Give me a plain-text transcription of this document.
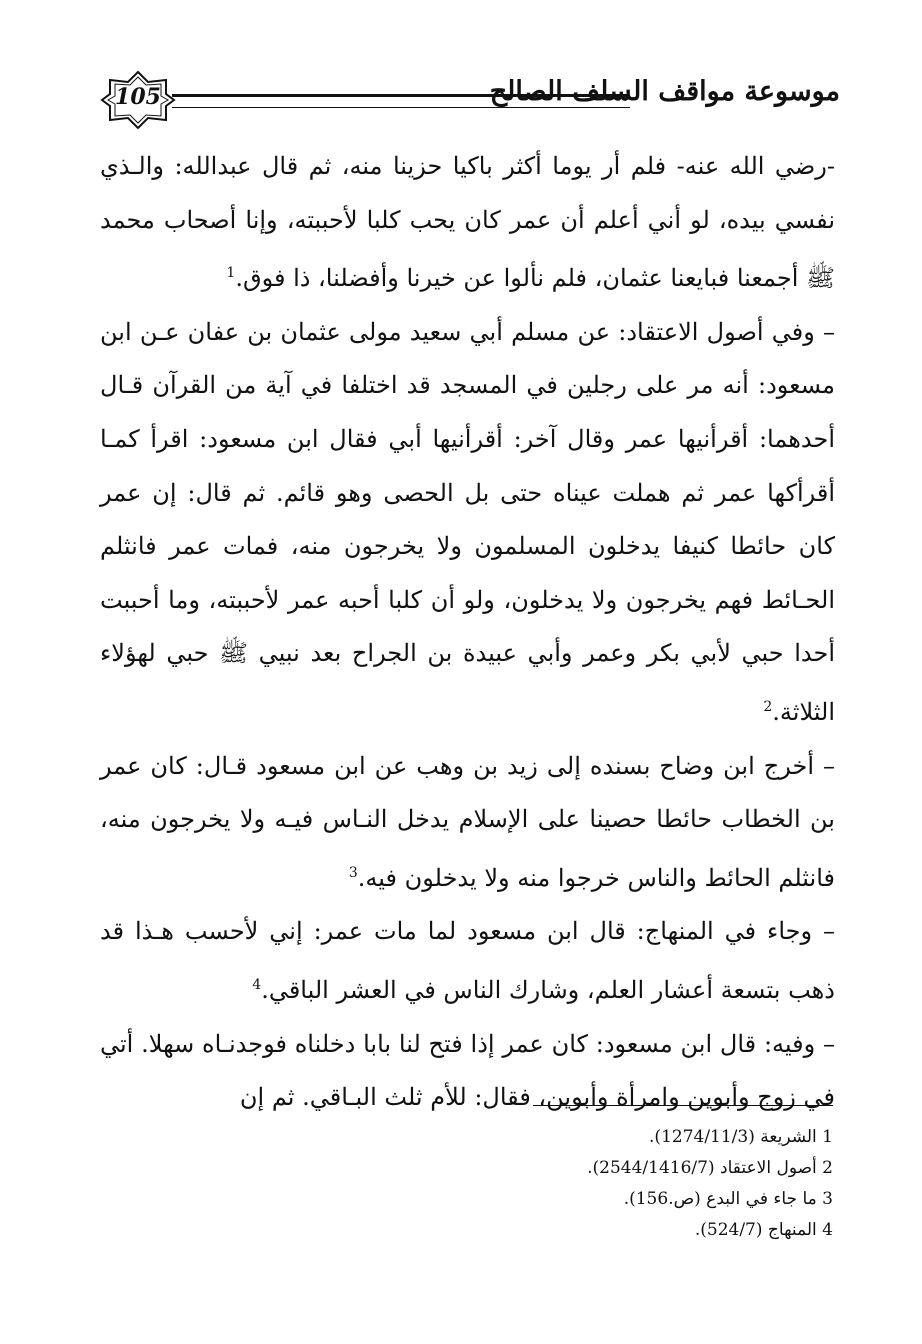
105	موسوعة مواقف السلف الصالح

-رضي الله عنه- فلم أر يوما أكثر باكيا حزينا منه، ثم قال عبدالله: والـذي نفسي بيده، لو أني أعلم أن عمر كان يحب كلبا لأحببته، وإنا أصحاب محمد ﷺ أجمعنا فبايعنا عثمان، فلم نألوا عن خيرنا وأفضلنا، ذا فوق.$^1$

– وفي أصول الاعتقاد: عن مسلم أبي سعيد مولى عثمان بن عفان عـن ابن مسعود: أنه مر على رجلين في المسجد قد اختلفا في آية من القرآن قـال أحدهما: أقرأنيها عمر وقال آخر: أقرأنيها أبي فقال ابن مسعود: اقرأ كمـا أقرأكها عمر ثم هملت عيناه حتى بل الحصى وهو قائم. ثم قال: إن عمر كان حائطا كنيفا يدخلون المسلمون ولا يخرجون منه، فمات عمر فانثلم الحـائط فهم يخرجون ولا يدخلون، ولو أن كلبا أحبه عمر لأحببته، وما أحببت أحدا حبي لأبي بكر وعمر وأبي عبيدة بن الجراح بعد نبيي ﷺ حبي لهؤلاء الثلاثة.$^2$

– أخرج ابن وضاح بسنده إلى زيد بن وهب عن ابن مسعود قـال: كان عمر بن الخطاب حائطا حصينا على الإسلام يدخل النـاس فيـه ولا يخرجون منه، فانثلم الحائط والناس خرجوا منه ولا يدخلون فيه.$^3$

– وجاء في المنهاج: قال ابن مسعود لما مات عمر: إني لأحسب هـذا قد ذهب بتسعة أعشار العلم، وشارك الناس في العشر الباقي.$^4$

– وفيه: قال ابن مسعود: كان عمر إذا فتح لنا بابا دخلناه فوجدنـاه سهلا. أتي في زوج وأبوين وامرأة وأبوين، فقال: للأم ثلث البـاقي. ثم إن

1 الشريعة (1274/11/3).
2 أصول الاعتقاد (2544/1416/7).
3 ما جاء في البدع (ص.156).
4 المنهاج (524/7).
